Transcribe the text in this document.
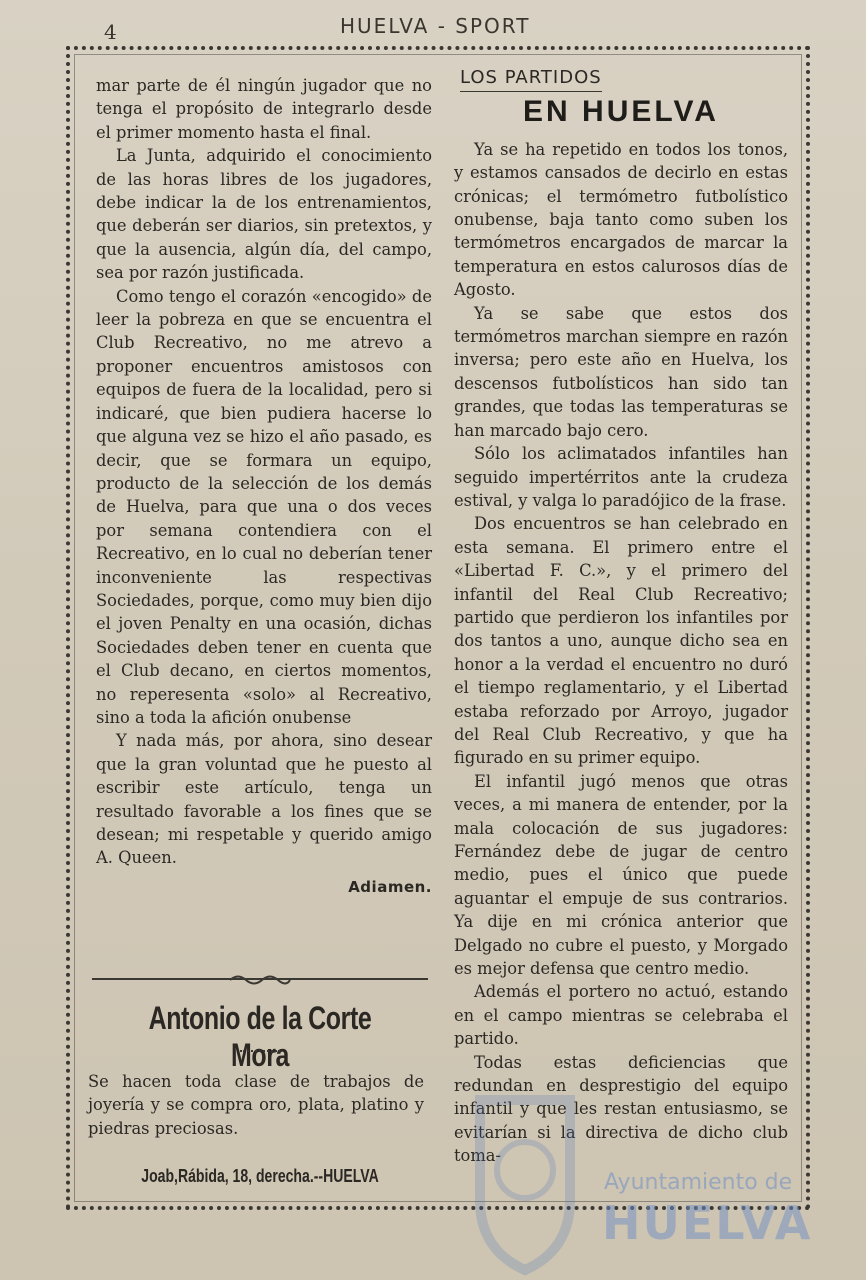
4	HUELVA - SPORT

mar parte de él ningún jugador que no tenga el propósito de integrarlo desde el primer momento hasta el final.

La Junta, adquirido el conocimiento de las horas libres de los jugadores, debe indicar la de los entrenamientos, que deberán ser diarios, sin pretextos, y que la ausencia, algún día, del campo, sea por razón justificada.

Como tengo el corazón «encogido» de leer la pobreza en que se encuentra el Club Recreativo, no me atrevo a proponer encuentros amistosos con equipos de fuera de la localidad, pero si indicaré, que bien pudiera hacerse lo que alguna vez se hizo el año pasado, es decir, que se formara un equipo, producto de la selección de los demás de Huelva, para que una o dos veces por semana contendiera con el Recreativo, en lo cual no deberían tener inconveniente las respectivas Sociedades, porque, como muy bien dijo el joven Penalty en una ocasión, dichas Sociedades deben tener en cuenta que el Club decano, en ciertos momentos, no reperesenta «solo» al Recreativo, sino a toda la afición onubense

Y nada más, por ahora, sino desear que la gran voluntad que he puesto al escribir este artículo, tenga un resultado favorable a los fines que se desean; mi respetable y querido amigo A. Queen.

Adiamen.
Antonio de la Corte Mora
Se hacen toda clase de trabajos de joyería y se compra oro, plata, platino y piedras preciosas.
Joab,Rábida, 18, derecha.--HUELVA
LOS PARTIDOS
EN HUELVA

Ya se ha repetido en todos los tonos, y estamos cansados de decirlo en estas crónicas; el termómetro futbolístico onubense, baja tanto como suben los termómetros encargados de marcar la temperatura en estos calurosos días de Agosto.

Ya se sabe que estos dos termómetros marchan siempre en razón inversa; pero este año en Huelva, los descensos futbolísticos han sido tan grandes, que todas las temperaturas se han marcado bajo cero.

Sólo los aclimatados infantiles han seguido impertérritos ante la crudeza estival, y valga lo paradójico de la frase.

Dos encuentros se han celebrado en esta semana. El primero entre el «Libertad F. C.», y el primero del infantil del Real Club Recreativo; partido que perdieron los infantiles por dos tantos a uno, aunque dicho sea en honor a la verdad el encuentro no duró el tiempo reglamentario, y el Libertad estaba reforzado por Arroyo, jugador del Real Club Recreativo, y que ha figurado en su primer equipo.

El infantil jugó menos que otras veces, a mi manera de entender, por la mala colocación de sus jugadores: Fernández debe de jugar de centro medio, pues el único que puede aguantar el empuje de sus contrarios. Ya dije en mi crónica anterior que Delgado no cubre el puesto, y Morgado es mejor defensa que centro medio.

Además el portero no actuó, estando en el campo mientras se celebraba el partido.

Todas estas deficiencias que redundan en desprestigio del equipo infantil y que les restan entusiasmo, se evitarían si la directiva de dicho club toma-

Ayuntamiento de
HUELVA
